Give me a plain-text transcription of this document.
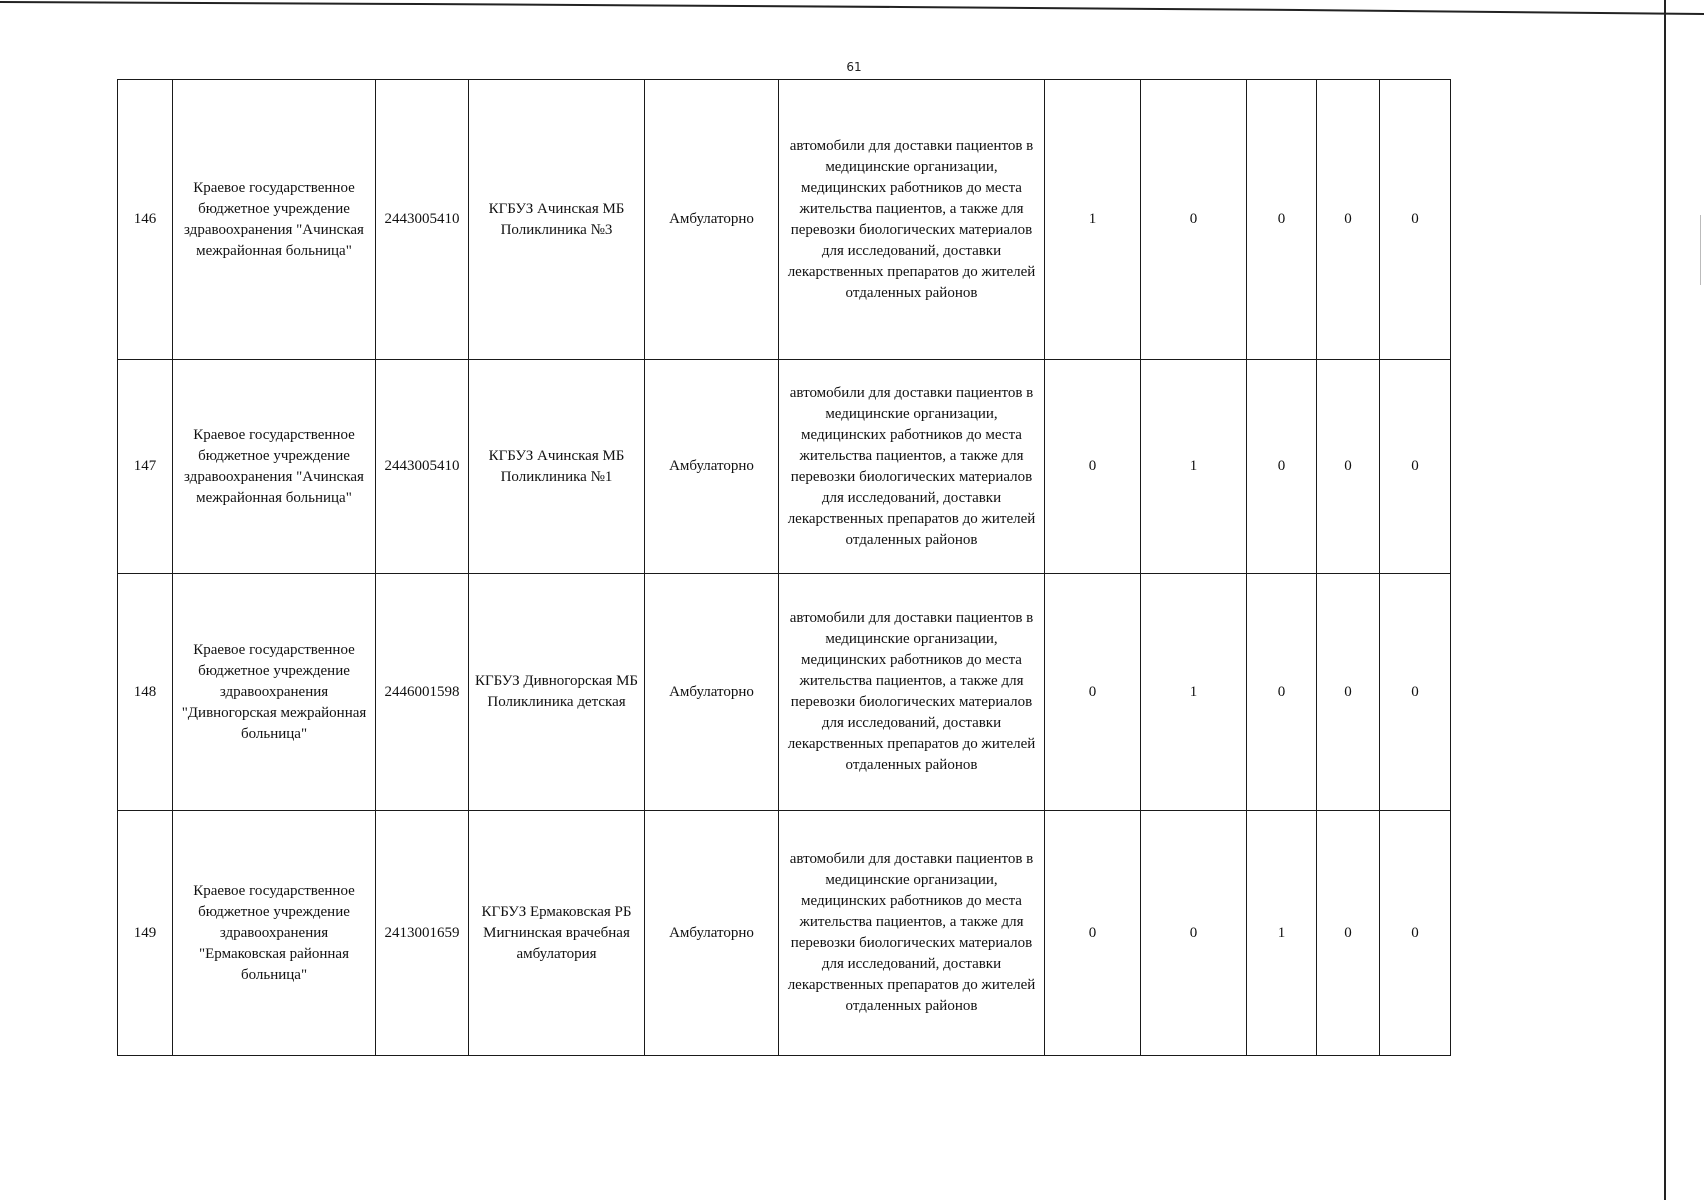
61
146	Краевое государственное бюджетное учреждение здравоохранения "Ачинская межрайонная больница"	2443005410	КГБУЗ Ачинская МБ Поликлиника №3	Амбулаторно	автомобили для доставки пациентов в медицинские организации, медицинских работников до места жительства пациентов, а также для перевозки биологических материалов для исследований, доставки лекарственных препаратов до жителей отдаленных районов	1	0	0	0	0
147	Краевое государственное бюджетное учреждение здравоохранения "Ачинская межрайонная больница"	2443005410	КГБУЗ Ачинская МБ Поликлиника №1	Амбулаторно	автомобили для доставки пациентов в медицинские организации, медицинских работников до места жительства пациентов, а также для перевозки биологических материалов для исследований, доставки лекарственных препаратов до жителей отдаленных районов	0	1	0	0	0
148	Краевое государственное бюджетное учреждение здравоохранения "Дивногорская межрайонная больница"	2446001598	КГБУЗ Дивногорская МБ Поликлиника детская	Амбулаторно	автомобили для доставки пациентов в медицинские организации, медицинских работников до места жительства пациентов, а также для перевозки биологических материалов для исследований, доставки лекарственных препаратов до жителей отдаленных районов	0	1	0	0	0
149	Краевое государственное бюджетное учреждение здравоохранения "Ермаковская районная больница"	2413001659	КГБУЗ Ермаковская РБ Мигнинская врачебная амбулатория	Амбулаторно	автомобили для доставки пациентов в медицинские организации, медицинских работников до места жительства пациентов, а также для перевозки биологических материалов для исследований, доставки лекарственных препаратов до жителей отдаленных районов	0	0	1	0	0
